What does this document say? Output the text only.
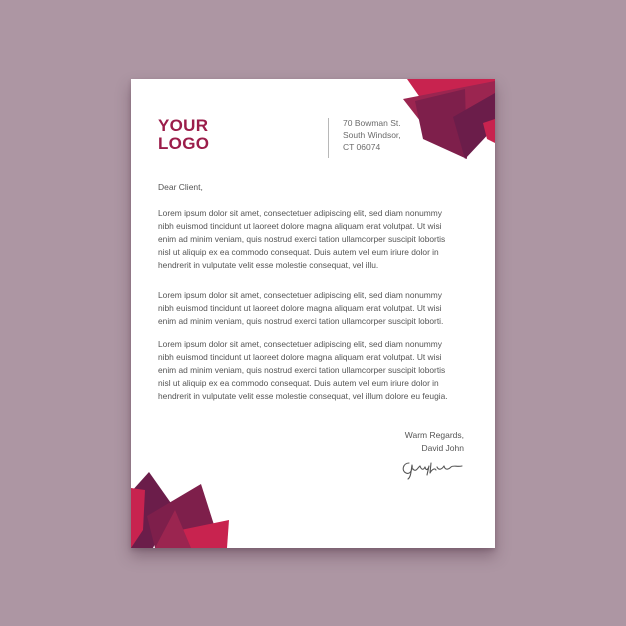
YOUR
LOGO
70 Bowman St.
South Windsor,
CT 06074
Dear Client,

Lorem ipsum dolor sit amet, consectetuer adipiscing elit, sed diam nonummy
nibh euismod tincidunt ut laoreet dolore magna aliquam erat volutpat. Ut wisi
enim ad minim veniam, quis nostrud exerci tation ullamcorper suscipit lobortis
nisl ut aliquip ex ea commodo consequat. Duis autem vel eum iriure dolor in
hendrerit in vulputate velit esse molestie consequat, vel illu.

Lorem ipsum dolor sit amet, consectetuer adipiscing elit, sed diam nonummy
nibh euismod tincidunt ut laoreet dolore magna aliquam erat volutpat. Ut wisi
enim ad minim veniam, quis nostrud exerci tation ullamcorper suscipit loborti.

Lorem ipsum dolor sit amet, consectetuer adipiscing elit, sed diam nonummy
nibh euismod tincidunt ut laoreet dolore magna aliquam erat volutpat. Ut wisi
enim ad minim veniam, quis nostrud exerci tation ullamcorper suscipit lobortis
nisl ut aliquip ex ea commodo consequat. Duis autem vel eum iriure dolor in
hendrerit in vulputate velit esse molestie consequat, vel illum dolore eu feugia.

Warm Regards,
David John
